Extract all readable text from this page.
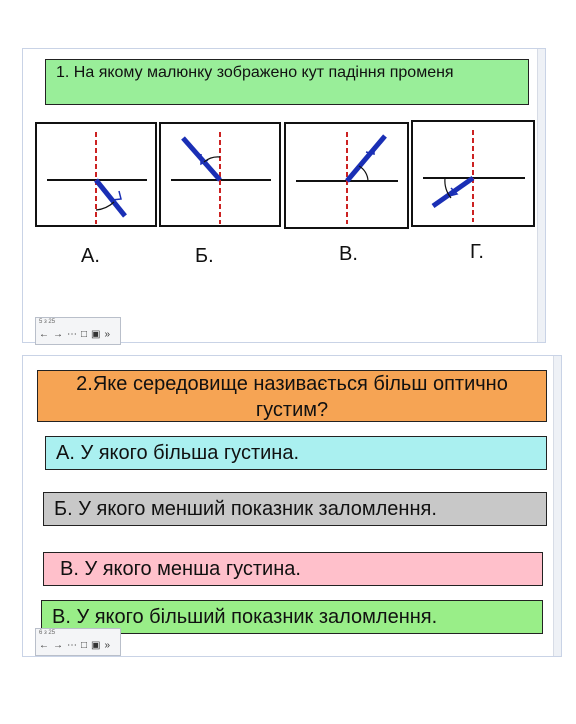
1. На якому малюнку зображено кут падіння променя
А.	Б.	В.	Г.
5 з 25
← → ⋯ □ ▣ »
2.Яке середовище називається більш оптично густим?
А. У якого більша густина.
Б. У якого менший показник заломлення.
В. У якого менша густина.
В. У якого більший показник заломлення.
6 з 25
← → ⋯ □ ▣ »
